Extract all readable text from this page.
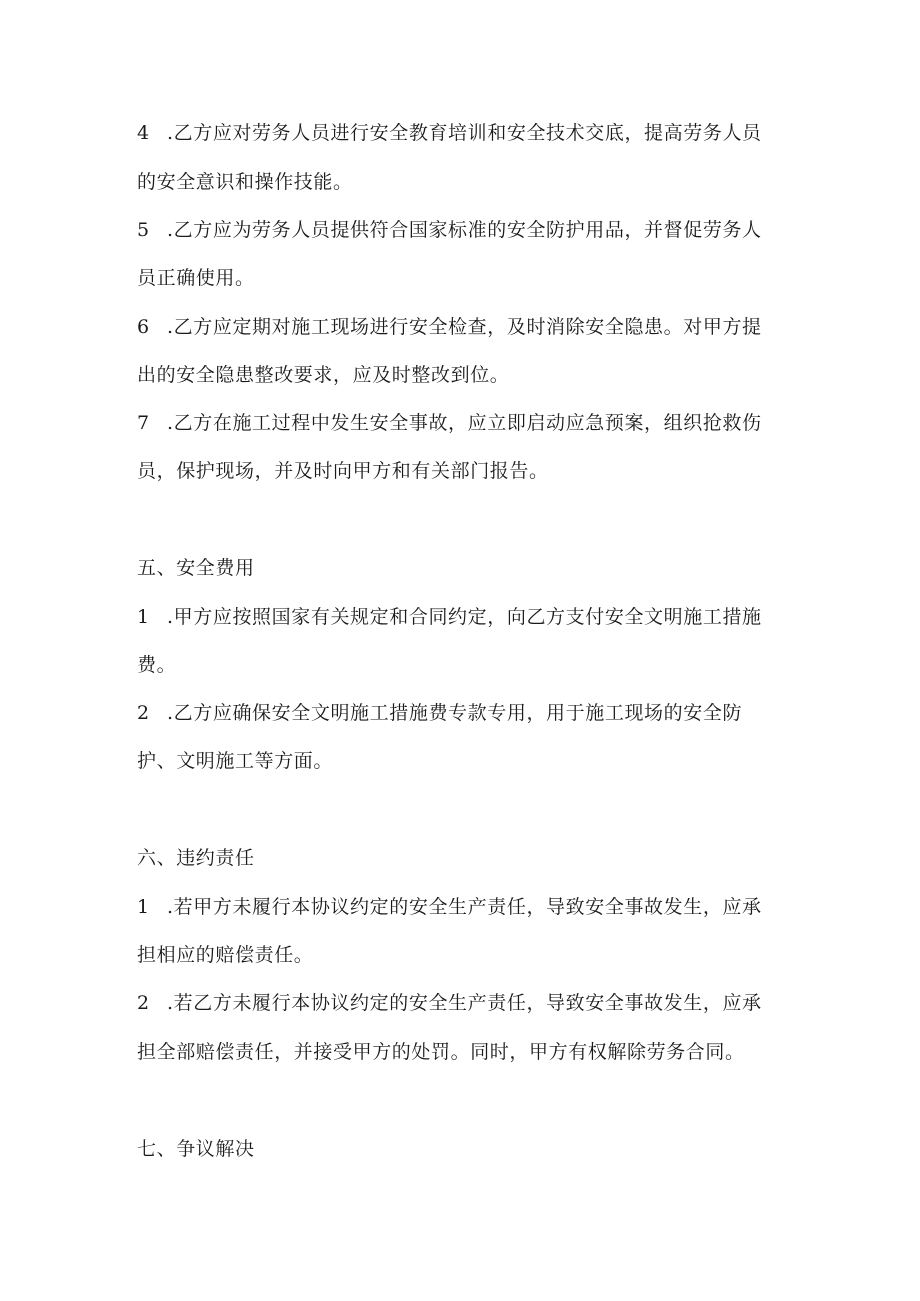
4 .乙方应对劳务人员进行安全教育培训和安全技术交底，提高劳务人员
的安全意识和操作技能。
5 .乙方应为劳务人员提供符合国家标准的安全防护用品，并督促劳务人
员正确使用。
6 .乙方应定期对施工现场进行安全检查，及时消除安全隐患。对甲方提
出的安全隐患整改要求，应及时整改到位。
7 .乙方在施工过程中发生安全事故，应立即启动应急预案，组织抢救伤
员，保护现场，并及时向甲方和有关部门报告。
五、安全费用
1 .甲方应按照国家有关规定和合同约定，向乙方支付安全文明施工措施
费。
2 .乙方应确保安全文明施工措施费专款专用，用于施工现场的安全防
护、文明施工等方面。
六、违约责任
1 .若甲方未履行本协议约定的安全生产责任，导致安全事故发生，应承
担相应的赔偿责任。
2 .若乙方未履行本协议约定的安全生产责任，导致安全事故发生，应承
担全部赔偿责任，并接受甲方的处罚。同时，甲方有权解除劳务合同。
七、争议解决
